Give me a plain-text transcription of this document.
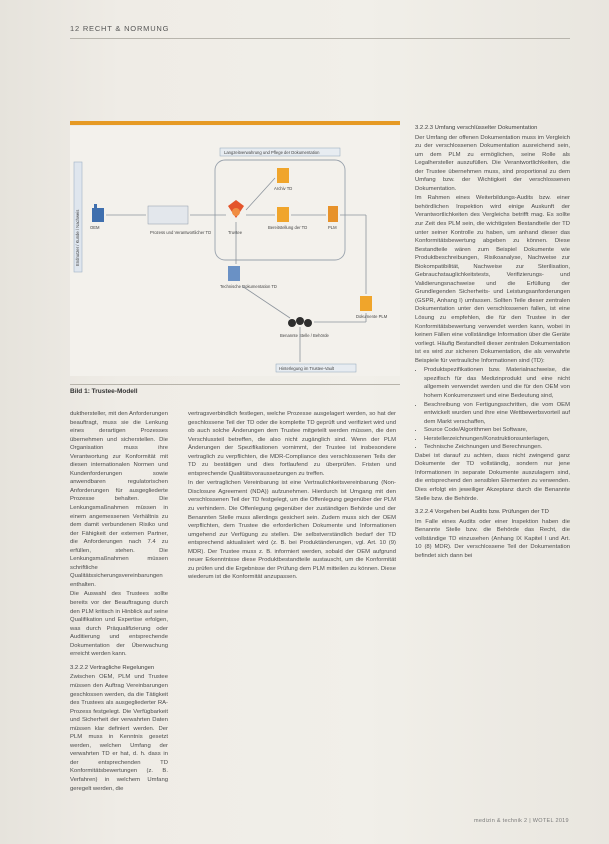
12 RECHT & NORMUNG
Endnutzer / Kunde / Nachweis
Langzeitverwahrung und Pflege der Dokumentation
OEM
Prozess und Verantwortlicher TD	Trustee
Archiv TD
Bereitstellung der TD	PLM
Technische Dokumentation TD
Dokumente PLM
Benannte Stelle / Behörde
Hinterlegung im Trustee-Vault
Bild 1: Trustee-Modell

dukthersteller, mit den Anforderungen beauftragt, muss sie die Lenkung eines derartigen Prozesses übernehmen und sicherstellen. Die Organisation muss ihre Verantwortung zur Konformität mit diesen internationalen Normen und Kundenforderungen sowie anwendbaren regulatorischen Anforderungen für ausgegliederte Prozesse behalten. Die Lenkungsmaßnahmen müssen in einem angemessenen Verhältnis zu dem damit verbundenen Risiko und der Fähigkeit der externen Partner, die Anforderungen nach 7.4 zu erfüllen, stehen. Die Lenkungsmaßnahmen müssen schriftliche Qualitätssicherungsvereinbarungen enthalten.

Die Auswahl des Trustees sollte bereits vor der Beauftragung durch den PLM kritisch in Hinblick auf seine Qualifikation und Expertise erfolgen, was durch Präqualifizierung oder Auditierung und entsprechende Dokumentation der Überwachung erreicht werden kann.

3.2.2.2 Vertragliche Regelungen

Zwischen OEM, PLM und Trustee müssen den Auftrag Vereinbarungen geschlossen werden, da die Tätigkeit des Trustees als ausgegliederter RA-Prozess festgelegt. Die Verfügbarkeit und Sicherheit der verwahrten Daten müssen klar definiert werden. Der PLM muss in Kenntnis gesetzt werden, welchen Umfang der verwahrten TD er hat, d. h. dass in der entsprechenden TD Konformitätsbewertungen (z. B. Verfahren) in welchem Umfang geregelt werden, die

vertragsverbindlich festlegen, welche Prozesse ausgelagert werden, so hat der geschlossene Teil der TD oder die komplette TD geprüft und verifiziert wird und ob auch solche Änderungen dem Trustee mitgeteilt werden müssen, die den Verschlussteil betreffen, die also nicht zugänglich sind. Wenn der PLM Änderungen der Spezifikationen vornimmt, der Trustee ist insbesondere vertraglich zu verpflichten, die MDR-Compliance des verschlossenen Teils der TD zu bestätigen und dies fortlaufend zu überprüfen. Fristen und entsprechende Qualitätsvoraussetzungen zu treffen.

In der vertraglichen Vereinbarung ist eine Vertraulichkeitsvereinbarung (Non-Disclosure Agreement (NDA)) aufzunehmen. Hierdurch ist Umgang mit den verschlossenen Teil der TD festgelegt, um die Offenlegung gegenüber der PLM zu verhindern. Die Offenlegung gegenüber der zuständigen Behörde und der Benannten Stelle muss allerdings gesichert sein. Zudem muss sich der OEM verpflichten, dem Trustee die erforderlichen Dokumente und Informationen umgehend zur Verfügung zu stellen. Die selbstverständlich bedarf der TD entsprechend aktualisiert wird (z. B. bei Produktänderungen, vgl. Art. 10 (9) MDR). Der Trustee muss z. B. informiert werden, sobald der OEM aufgrund neuer Erkenntnisse diese Produktbestandteile austauscht, um die Konformität zu prüfen und die Ergebnisse der Prüfung dem PLM mitteilen zu können. Diese wiederum ist die Konformität anzupassen.

3.2.2.3 Umfang verschlüsselter Dokumentation

Der Umfang der offenen Dokumentation muss im Vergleich zu der verschlossenen Dokumentation ausreichend sein, um dem PLM zu ermöglichen, seine Rolle als Legalhersteller auszufüllen. Die Verantwortlichkeiten, die der Trustee übernehmen muss, sind proportional zu dem Umfang bzw. der Wichtigkeit der verschlossenen Dokumentation.

Im Rahmen eines Weiterbildungs-Audits bzw. einer behördlichen Inspektion wird einige Auskunft der Verantwortlichkeiten des Vergleichs betrifft mag. Es sollte zur Zeit des PLM sein, die wichtigsten Bestandteile der TD unter seiner Kontrolle zu haben, um anhand dieser das Konformitätsbewertung abgeben zu können. Diese Bestandteile wären zum Beispiel Dokumente wie Produktbeschreibungen, Risikoanalyse, Nachweise zur Biokompatibilität, Nachweise zur Sterilisation, Gebrauchstauglichkeitstests, Verifizierungs- und Validierungsnachweise und die Erfüllung der Grundlegenden Sicherheits- und Leistungsanforderungen (GSPR, Anhang I) umfassen. Sollten Teile dieser zentralen Dokumentation unter den verschlossenen fallen, ist eine Lösung zu empfehlen, die für den Trustee in der Konformitätsbewertung verwendet werden kann, wobei in keinen Fällen eine vollständige Information über die Geräte vorliegt. Häufig Bestandteil dieser zentralen Dokumentation ist es wird zur sicheren Dokumentation, die als verwahrte Beispiele für vertrauliche Informationen sind (TD):

• Produktspezifikationen bzw. Materialnachweise, die spezifisch für das Medizinprodukt und eine nicht allgemein verwendet werden und die für den OEM von hohem Konkurrenzwert und eine Bedeutung sind,
• Beschreibung von Fertigungsschritten, die vom OEM entwickelt wurden und ihre eine Wettbewerbsvorteil auf dem Markt verschaffen,
• Source Code/Algorithmen bei Software,
• Herstellerzeichnungen/Konstruktionsunterlagen,
• Technische Zeichnungen und Berechnungen.

Dabei ist darauf zu achten, dass nicht zwingend ganz Dokumente der TD vollständig, sondern nur jene Informationen in separate Dokumente auszulagern sind, die entsprechend den sensiblen Elementen zu verwenden. Dies erfolgt ein jeweiliger Akzeptanz durch die Benannte Stelle bzw. die Behörde.

3.2.2.4 Vorgehen bei Audits bzw. Prüfungen der TD

Im Falle eines Audits oder einer Inspektion haben die Benannte Stelle bzw. die Behörde das Recht, die vollständige TD einzusehen (Anhang IX Kapitel I und Art. 10 (8) MDR). Der verschlossene Teil der Dokumentation befindet sich dann bei

medizin & technik 2 | WOTEL 2019
